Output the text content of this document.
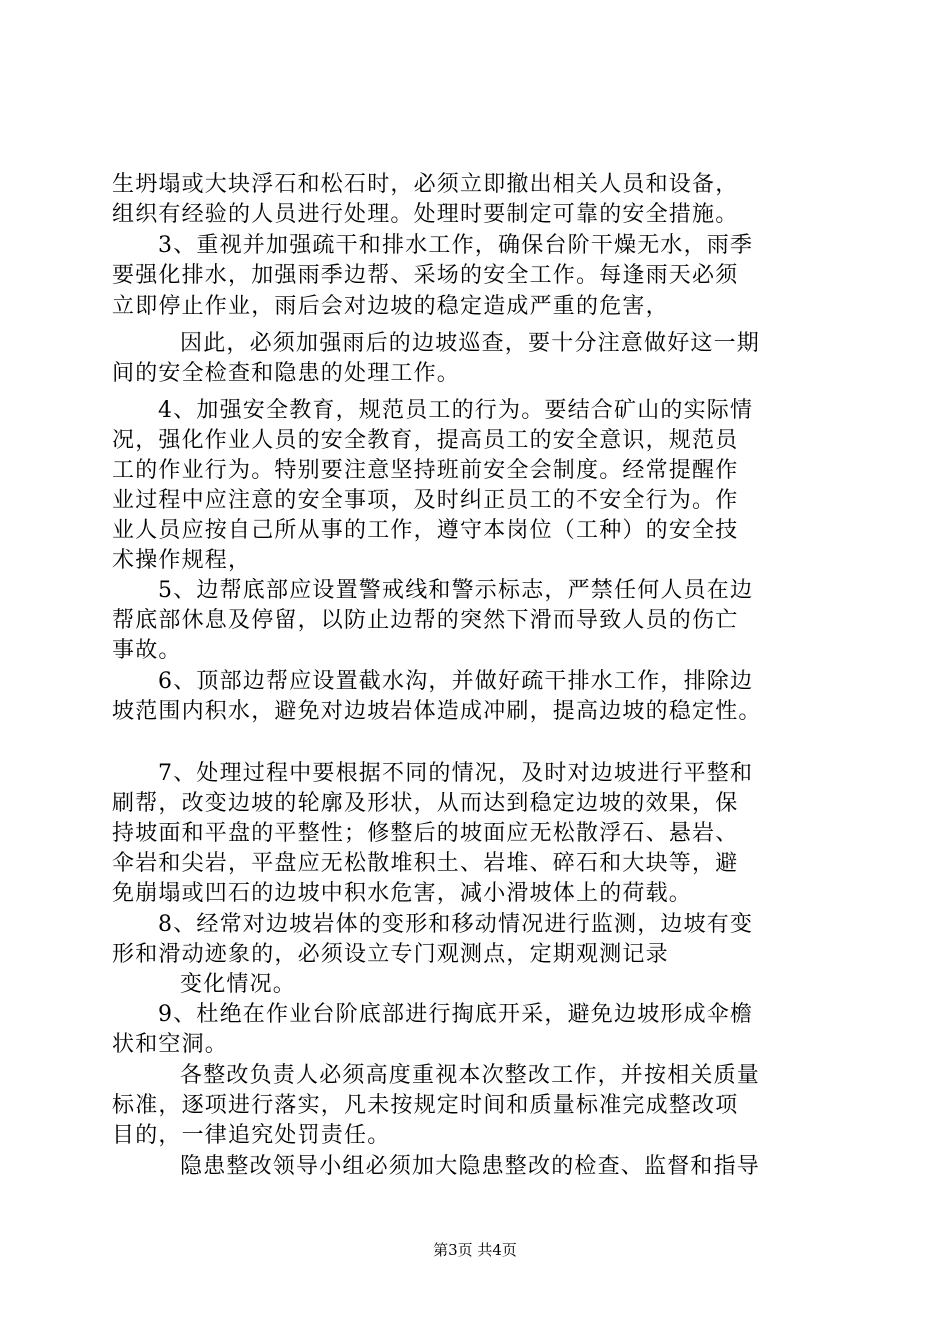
生坍塌或大块浮石和松石时，必须立即撤出相关人员和设备，
组织有经验的人员进行处理。处理时要制定可靠的安全措施。
3、重视并加强疏干和排水工作，确保台阶干燥无水，雨季
要强化排水，加强雨季边帮、采场的安全工作。每逢雨天必须
立即停止作业，雨后会对边坡的稳定造成严重的危害，
因此，必须加强雨后的边坡巡查，要十分注意做好这一期
间的安全检查和隐患的处理工作。
4、加强安全教育，规范员工的行为。要结合矿山的实际情
况，强化作业人员的安全教育，提高员工的安全意识，规范员
工的作业行为。特别要注意坚持班前安全会制度。经常提醒作
业过程中应注意的安全事项，及时纠正员工的不安全行为。作
业人员应按自己所从事的工作，遵守本岗位（工种）的安全技
术操作规程，
5、边帮底部应设置警戒线和警示标志，严禁任何人员在边
帮底部休息及停留，以防止边帮的突然下滑而导致人员的伤亡
事故。
6、顶部边帮应设置截水沟，并做好疏干排水工作，排除边
坡范围内积水，避免对边坡岩体造成冲刷，提高边坡的稳定性。
7、处理过程中要根据不同的情况，及时对边坡进行平整和
刷帮，改变边坡的轮廓及形状，从而达到稳定边坡的效果，保
持坡面和平盘的平整性；修整后的坡面应无松散浮石、悬岩、
伞岩和尖岩，平盘应无松散堆积土、岩堆、碎石和大块等，避
免崩塌或凹石的边坡中积水危害，减小滑坡体上的荷载。
8、经常对边坡岩体的变形和移动情况进行监测，边坡有变
形和滑动迹象的，必须设立专门观测点，定期观测记录
变化情况。
9、杜绝在作业台阶底部进行掏底开采，避免边坡形成伞檐
状和空洞。
各整改负责人必须高度重视本次整改工作，并按相关质量
标准，逐项进行落实，凡未按规定时间和质量标准完成整改项
目的，一律追究处罚责任。
隐患整改领导小组必须加大隐患整改的检查、监督和指导
第3页 共4页
